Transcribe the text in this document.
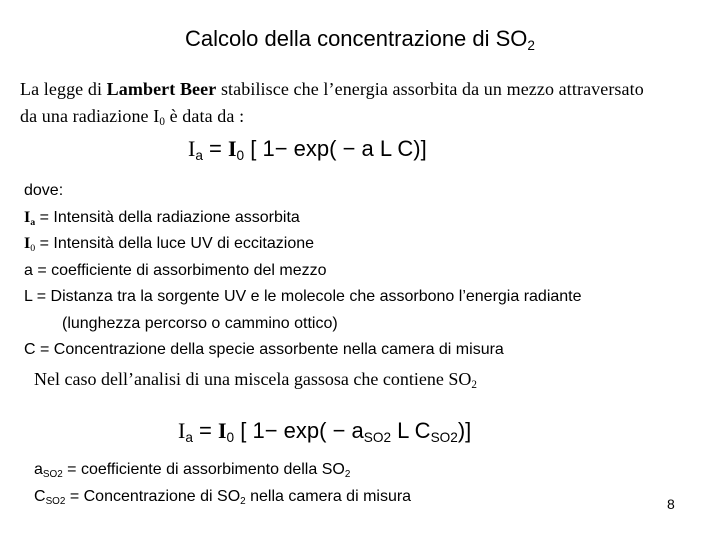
Calcolo della concentrazione di $SO_2$
La legge di Lambert Beer stabilisce che l’energia assorbita da un mezzo attraversato
da una radiazione $I_0$ è data da :
$I_a = I_0$ [ 1− exp( − a L C)]
dove:
Ia = Intensità della radiazione assorbita
$I_0$ = Intensità della luce UV di eccitazione
a = coefficiente di assorbimento del mezzo
L = Distanza tra la sorgente UV e le molecole che assorbono l’energia radiante
(lunghezza percorso o cammino ottico)
C = Concentrazione della specie assorbente nella camera di misura
Nel caso dell’analisi di una miscela gassosa che contiene $SO_2$
$I_a = I_0$ [ $1- \exp( - a_{SO2}$ L $C_{SO2}$)]
$a_{SO2}$ = coefficiente di assorbimento della $SO_2$
$C_{SO2}$ = Concentrazione di $SO_2$ nella camera di misura	8
